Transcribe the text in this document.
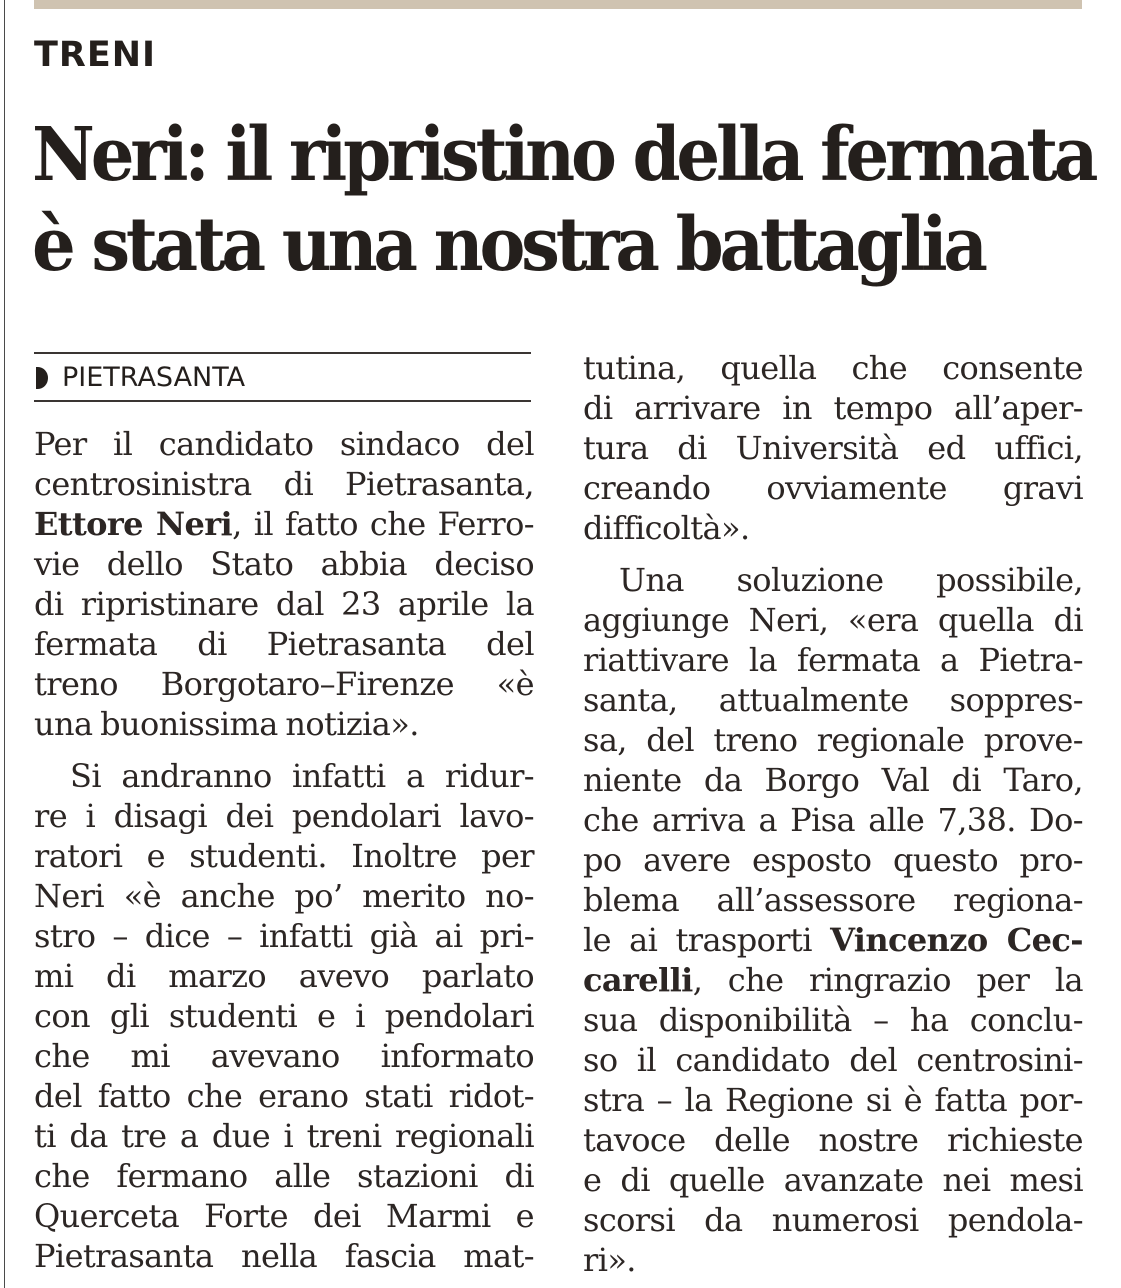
TRENI
Neri: il ripristino della fermata
è stata una nostra battaglia
PIETRASANTA
Per il candidato sindaco del
centrosinistra di Pietrasanta,
Ettore Neri, il fatto che Ferro-
vie dello Stato abbia deciso
di ripristinare dal 23 aprile la
fermata di Pietrasanta del
treno Borgotaro–Firenze «è
una buonissima notizia».
Si andranno infatti a ridur-
re i disagi dei pendolari lavo-
ratori e studenti. Inoltre per
Neri «è anche po’ merito no-
stro – dice – infatti già ai pri-
mi di marzo avevo parlato
con gli studenti e i pendolari
che mi avevano informato
del fatto che erano stati ridot-
ti da tre a due i treni regionali
che fermano alle stazioni di
Querceta Forte dei Marmi e
Pietrasanta nella fascia mat-
tutina, quella che consente
di arrivare in tempo all’aper-
tura di Università ed uffici,
creando ovviamente gravi
difficoltà».
Una soluzione possibile,
aggiunge Neri, «era quella di
riattivare la fermata a Pietra-
santa, attualmente soppres-
sa, del treno regionale prove-
niente da Borgo Val di Taro,
che arriva a Pisa alle 7,38. Do-
po avere esposto questo pro-
blema all’assessore regiona-
le ai trasporti Vincenzo Cec-
carelli, che ringrazio per la
sua disponibilità – ha conclu-
so il candidato del centrosini-
stra – la Regione si è fatta por-
tavoce delle nostre richieste
e di quelle avanzate nei mesi
scorsi da numerosi pendola-
ri».
